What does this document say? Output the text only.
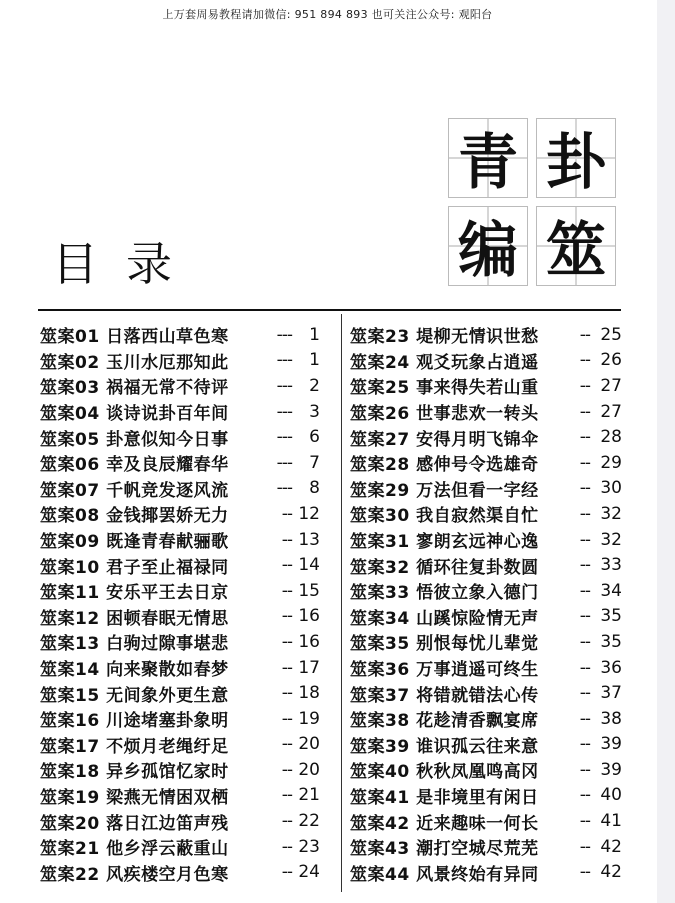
上万套周易教程请加微信: 951 894 893 也可关注公众号: 观阳台
目录
青 卦
编 筮
筮案01 日落西山草色寒	---	1
筮案02 玉川水厄那知此	---	1
筮案03 祸福无常不待评	---	2
筮案04 谈诗说卦百年间	---	3
筮案05 卦意似知今日事	---	6
筮案06 幸及良辰耀春华	---	7
筮案07 千帆竞发逐风流	---	8
筮案08 金钱揶罢娇无力	-- 12
筮案09 既逢青春献骊歌	-- 13
筮案10 君子至止福禄同	-- 14
筮案11 安乐平王去日京	-- 15
筮案12 困顿春眠无情思	-- 16
筮案13 白驹过隙事堪悲	-- 16
筮案14 向来聚散如春梦	-- 17
筮案15 无间象外更生意	-- 18
筮案16 川途堵塞卦象明	-- 19
筮案17 不烦月老绳纡足	-- 20
筮案18 异乡孤馆忆家时	-- 20
筮案19 梁燕无情困双栖	-- 21
筮案20 落日江边笛声残	-- 22
筮案21 他乡浮云蔽重山	-- 23
筮案22 风疾楼空月色寒	-- 24
筮案23 堤柳无情识世愁	-- 25
筮案24 观爻玩象占逍遥	-- 26
筮案25 事来得失若山重	-- 27
筮案26 世事悲欢一转头	-- 27
筮案27 安得月明飞锦伞	-- 28
筮案28 感伸号令选雄奇	-- 29
筮案29 万法但看一字经	-- 30
筮案30 我自寂然渠自忙	-- 32
筮案31 寥朗玄远神心逸	-- 32
筮案32 循环往复卦数圆	-- 33
筮案33 悟彼立象入德门	-- 34
筮案34 山蹊惊险情无声	-- 35
筮案35 别恨每忧儿辈觉	-- 35
筮案36 万事逍遥可终生	-- 36
筮案37 将错就错法心传	-- 37
筮案38 花趁清香飘宴席	-- 38
筮案39 谁识孤云往来意	-- 39
筮案40 秋秋凤凰鸣高冈	-- 39
筮案41 是非境里有闲日	-- 40
筮案42 近来趣味一何长	-- 41
筮案43 潮打空城尽荒芜	-- 42
筮案44 风景终始有异同	-- 42
